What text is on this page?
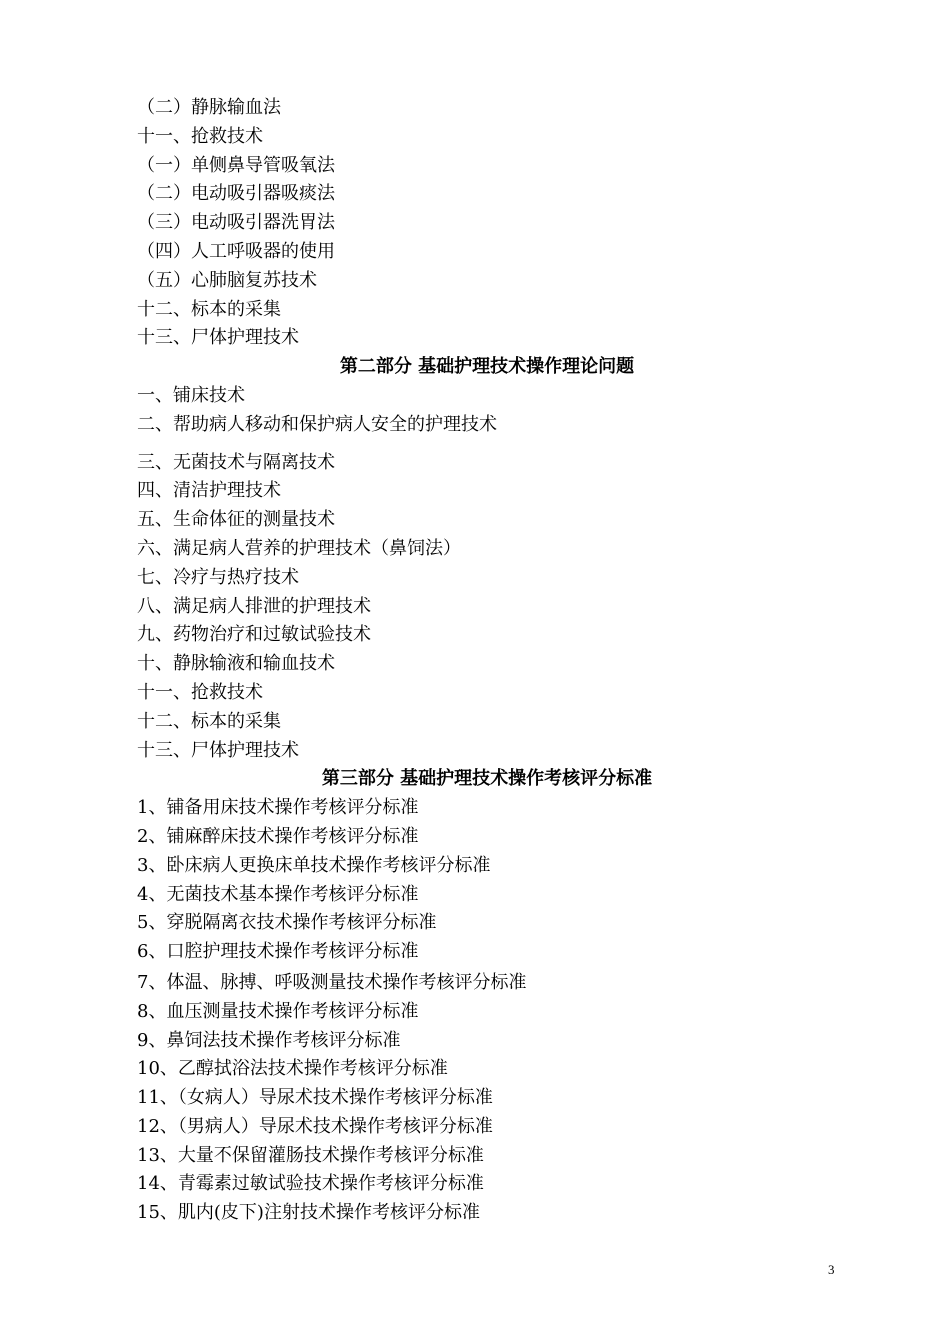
（二）静脉输血法
十一、抢救技术
（一）单侧鼻导管吸氧法
（二）电动吸引器吸痰法
（三）电动吸引器洗胃法
（四）人工呼吸器的使用
（五）心肺脑复苏技术
十二、标本的采集
十三、尸体护理技术
第二部分 基础护理技术操作理论问题
一、铺床技术
二、帮助病人移动和保护病人安全的护理技术
三、无菌技术与隔离技术
四、清洁护理技术
五、生命体征的测量技术
六、满足病人营养的护理技术（鼻饲法）
七、冷疗与热疗技术
八、满足病人排泄的护理技术
九、药物治疗和过敏试验技术
十、静脉输液和输血技术
十一、抢救技术
十二、标本的采集
十三、尸体护理技术
第三部分 基础护理技术操作考核评分标准
1、铺备用床技术操作考核评分标准
2、铺麻醉床技术操作考核评分标准
3、卧床病人更换床单技术操作考核评分标准
4、无菌技术基本操作考核评分标准
5、穿脱隔离衣技术操作考核评分标准
6、口腔护理技术操作考核评分标准
7、体温、脉搏、呼吸测量技术操作考核评分标准
8、血压测量技术操作考核评分标准
9、鼻饲法技术操作考核评分标准
10、乙醇拭浴法技术操作考核评分标准
11、（女病人）导尿术技术操作考核评分标准
12、（男病人）导尿术技术操作考核评分标准
13、大量不保留灌肠技术操作考核评分标准
14、青霉素过敏试验技术操作考核评分标准
15、肌内(皮下)注射技术操作考核评分标准
3
